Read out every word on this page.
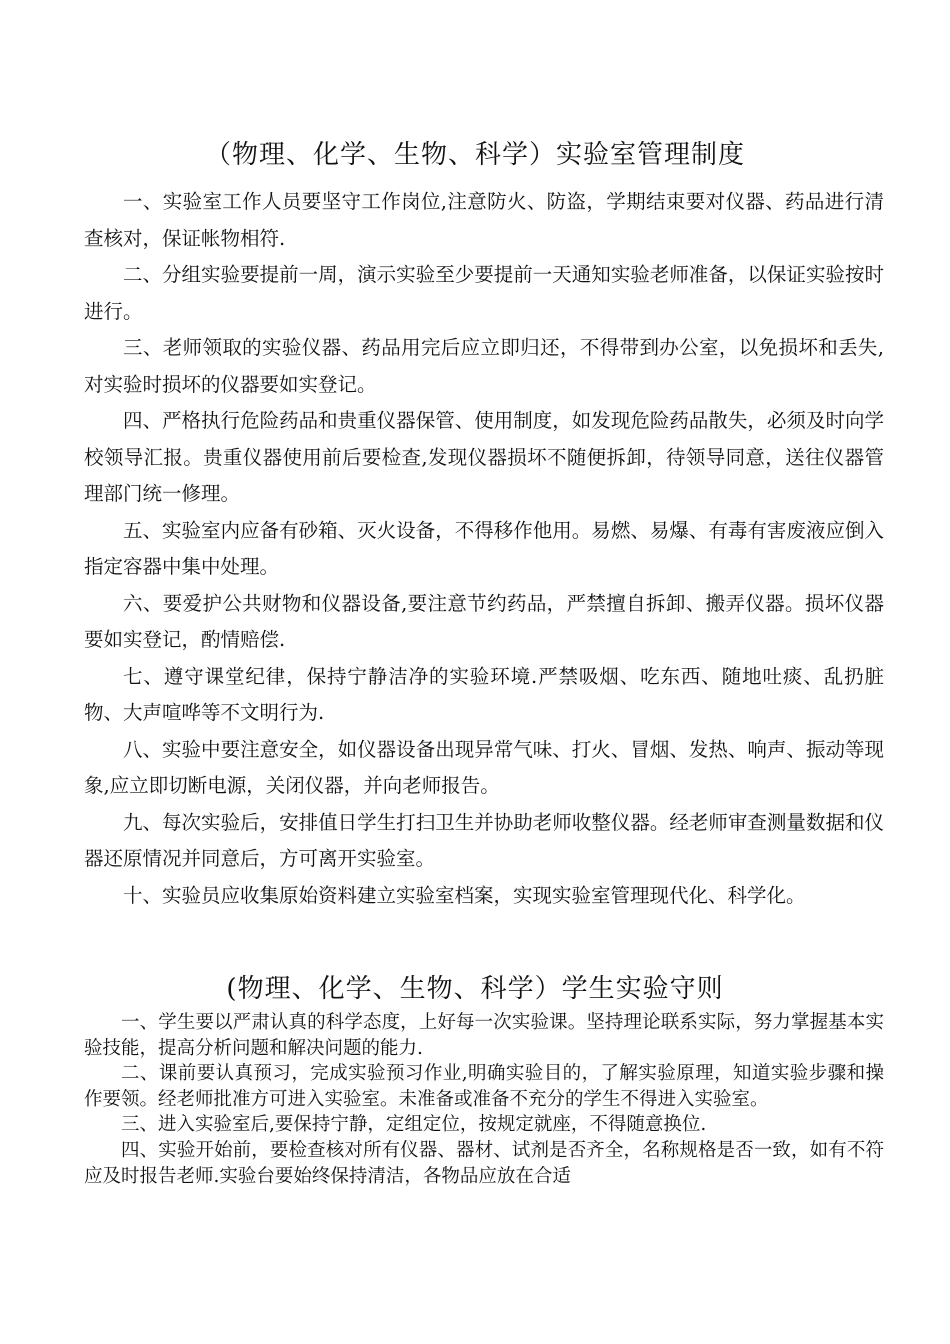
（物理、化学、生物、科学）实验室管理制度

一、实验室工作人员要坚守工作岗位,注意防火、防盗，学期结束要对仪器、药品进行清查核对，保证帐物相符.

二、分组实验要提前一周，演示实验至少要提前一天通知实验老师准备，以保证实验按时进行。

三、老师领取的实验仪器、药品用完后应立即归还，不得带到办公室，以免损坏和丢失,对实验时损坏的仪器要如实登记。

四、严格执行危险药品和贵重仪器保管、使用制度，如发现危险药品散失，必须及时向学校领导汇报。贵重仪器使用前后要检查,发现仪器损坏不随便拆卸，待领导同意，送往仪器管理部门统一修理。

五、实验室内应备有砂箱、灭火设备，不得移作他用。易燃、易爆、有毒有害废液应倒入指定容器中集中处理。

六、要爱护公共财物和仪器设备,要注意节约药品，严禁擅自拆卸、搬弄仪器。损坏仪器要如实登记，酌情赔偿.

七、遵守课堂纪律，保持宁静洁净的实验环境.严禁吸烟、吃东西、随地吐痰、乱扔脏物、大声喧哗等不文明行为.

八、实验中要注意安全，如仪器设备出现异常气味、打火、冒烟、发热、响声、振动等现象,应立即切断电源，关闭仪器，并向老师报告。

九、每次实验后，安排值日学生打扫卫生并协助老师收整仪器。经老师审查测量数据和仪器还原情况并同意后，方可离开实验室。

十、实验员应收集原始资料建立实验室档案，实现实验室管理现代化、科学化。

(物理、化学、生物、科学）学生实验守则

一、学生要以严肃认真的科学态度，上好每一次实验课。坚持理论联系实际，努力掌握基本实验技能，提高分析问题和解决问题的能力.

二、课前要认真预习，完成实验预习作业,明确实验目的，了解实验原理，知道实验步骤和操作要领。经老师批准方可进入实验室。未准备或准备不充分的学生不得进入实验室。

三、进入实验室后,要保持宁静，定组定位，按规定就座，不得随意换位.

四、实验开始前，要检查核对所有仪器、器材、试剂是否齐全，名称规格是否一致，如有不符应及时报告老师.实验台要始终保持清洁，各物品应放在合适
